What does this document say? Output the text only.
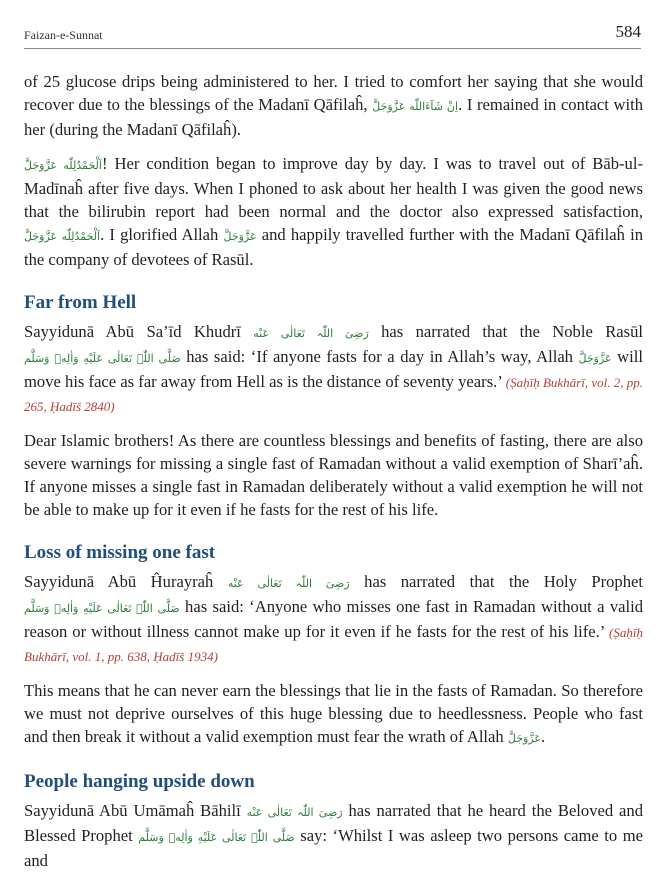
Faizan-e-Sunnat	584

of 25 glucose drips being administered to her. I tried to comfort her saying that she would recover due to the blessings of the Madanī Qāfilaĥ, اِنْ شَآءَاللّٰه عَزَّوَجَلَّ. I remained in contact with her (during the Madanī Qāfilaĥ).

اَلْحَمْدُلِلّٰه عَزَّوَجَلَّ! Her condition began to improve day by day. I was to travel out of Bāb-ul-Madīnaĥ after five days. When I phoned to ask about her health I was given the good news that the bilirubin report had been normal and the doctor also expressed satisfaction, اَلْحَمْدُلِلّٰه عَزَّوَجَلَّ. I glorified Allah عَزَّوَجَلَّ and happily travelled further with the Madanī Qāfilaĥ in the company of devotees of Rasūl.

Far from Hell

Sayyidunā Abū Sa’īd Khudrī رَضِیَ اللّٰہ تَعَالٰی عَنْه has narrated that the Noble Rasūl صَلَّی اللّٰہ تَعَالٰی عَلَیْهِ وَاٰلِهٖ وَسَلَّم has said: ‘If anyone fasts for a day in Allah’s way, Allah عَزَّوَجَلَّ will move his face as far away from Hell as is the distance of seventy years.’ (Ṣaḥīḥ Bukhārī, vol. 2, pp. 265, Ḥadīš 2840)

Dear Islamic brothers! As there are countless blessings and benefits of fasting, there are also severe warnings for missing a single fast of Ramadan without a valid exemption of Sharī’aĥ. If anyone misses a single fast in Ramadan deliberately without a valid exemption he will not be able to make up for it even if he fasts for the rest of his life.

Loss of missing one fast

Sayyidunā Abū Ĥurayraĥ رَضِیَ اللّٰہ تَعَالٰی عَنْه has narrated that the Holy Prophet صَلَّی اللّٰہ تَعَالٰی عَلَیْهِ وَاٰلِهٖ وَسَلَّم has said: ‘Anyone who misses one fast in Ramadan without a valid reason or without illness cannot make up for it even if he fasts for the rest of his life.’ (Ṣaḥīḥ Bukhārī, vol. 1, pp. 638, Ḥadīš 1934)

This means that he can never earn the blessings that lie in the fasts of Ramadan. So therefore we must not deprive ourselves of this huge blessing due to heedlessness. People who fast and then break it without a valid exemption must fear the wrath of Allah عَزَّوَجَلَّ.

People hanging upside down

Sayyidunā Abū Umāmaĥ Bāhilī رَضِیَ اللّٰہ تَعَالٰی عَنْه has narrated that he heard the Beloved and Blessed Prophet صَلَّی اللّٰہ تَعَالٰی عَلَیْهِ وَاٰلِهٖ وَسَلَّم say: ‘Whilst I was asleep two persons came to me and
